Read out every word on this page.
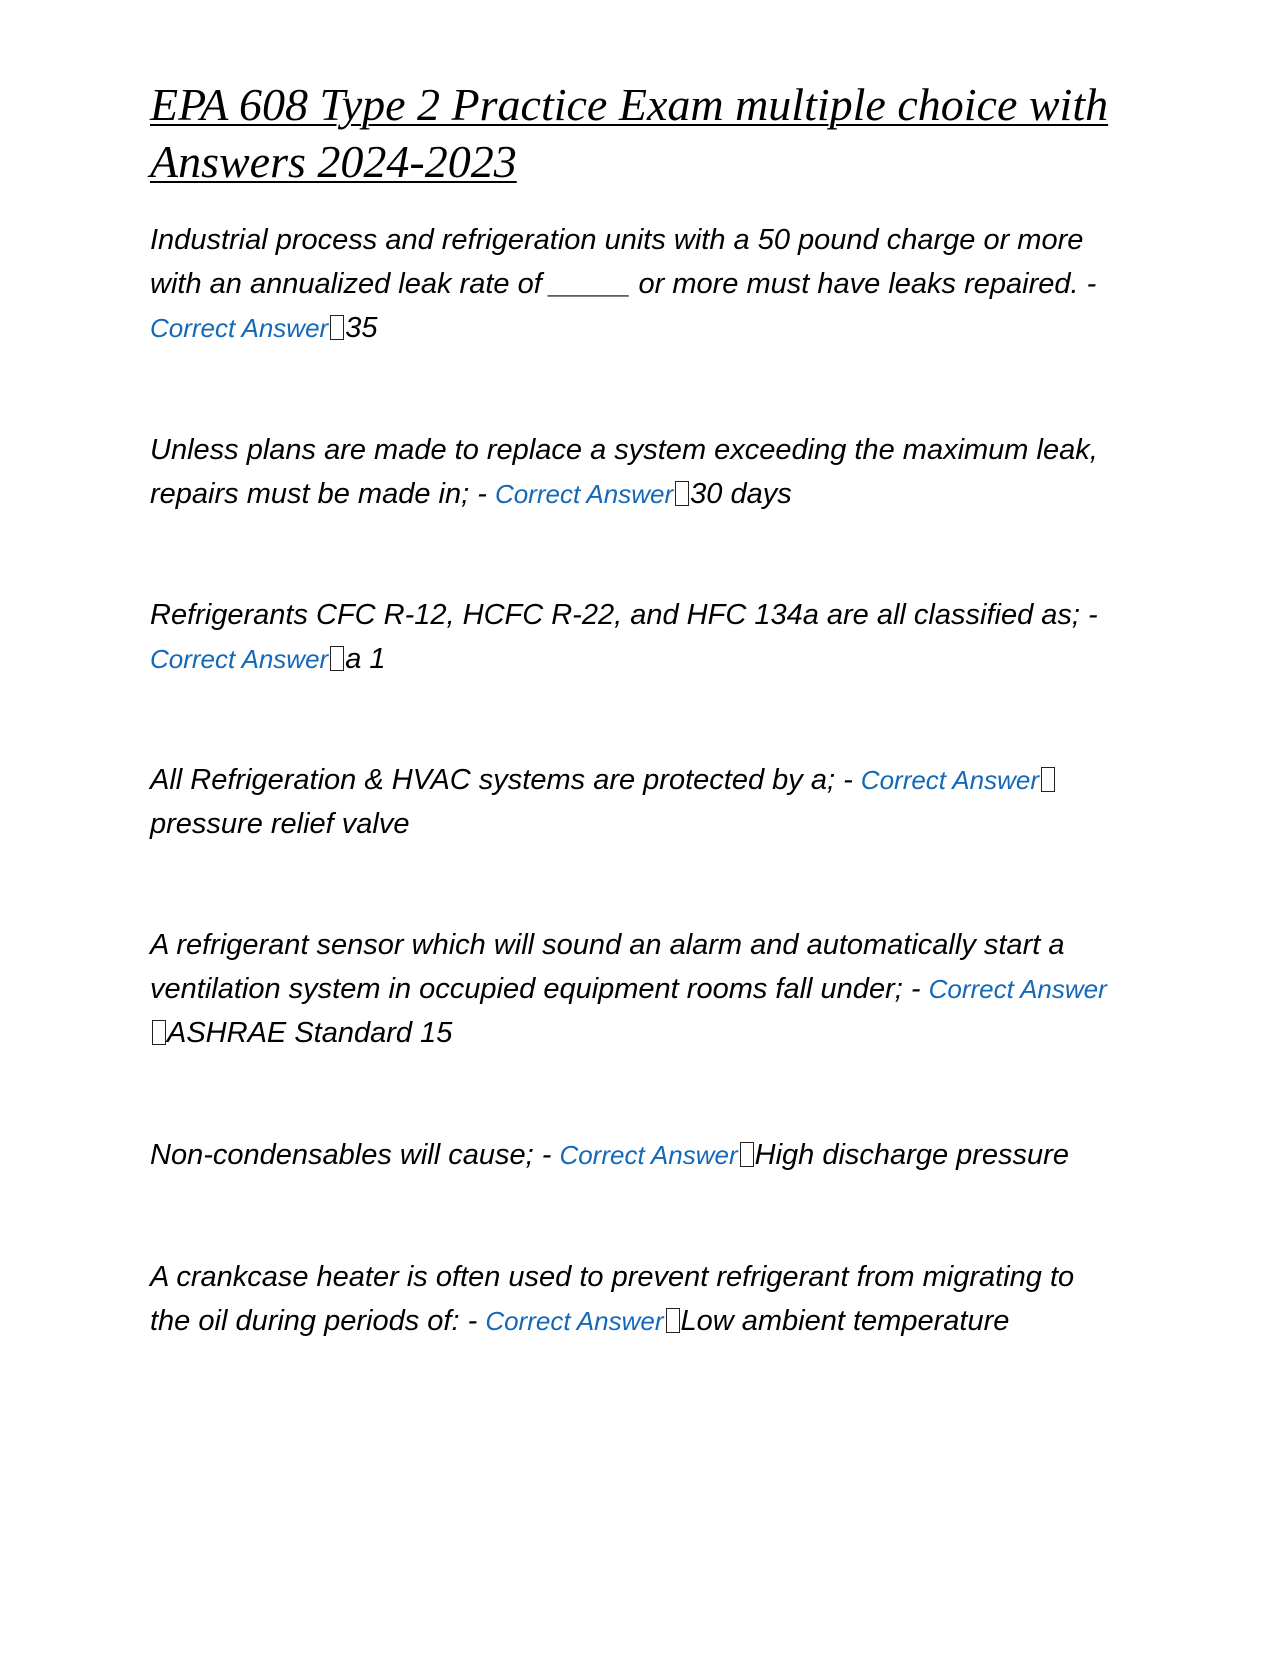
EPA 608 Type 2 Practice Exam multiple choice with Answers 2024-2023

Industrial process and refrigeration units with a 50 pound charge or more with an annualized leak rate of _____ or more must have leaks repaired. - Correct Answer 35

Unless plans are made to replace a system exceeding the maximum leak, repairs must be made in; - Correct Answer 30 days

Refrigerants CFC R-12, HCFC R-22, and HFC 134a are all classified as; - Correct Answer a 1

All Refrigeration & HVAC systems are protected by a; - Correct Answerpressure relief valve

A refrigerant sensor which will sound an alarm and automatically start a ventilation system in occupied equipment rooms fall under; - Correct AnswerASHRAE Standard 15

Non-condensables will cause; - Correct Answer High discharge pressure

A crankcase heater is often used to prevent refrigerant from migrating to the oil during periods of: - Correct Answer Low ambient temperature
